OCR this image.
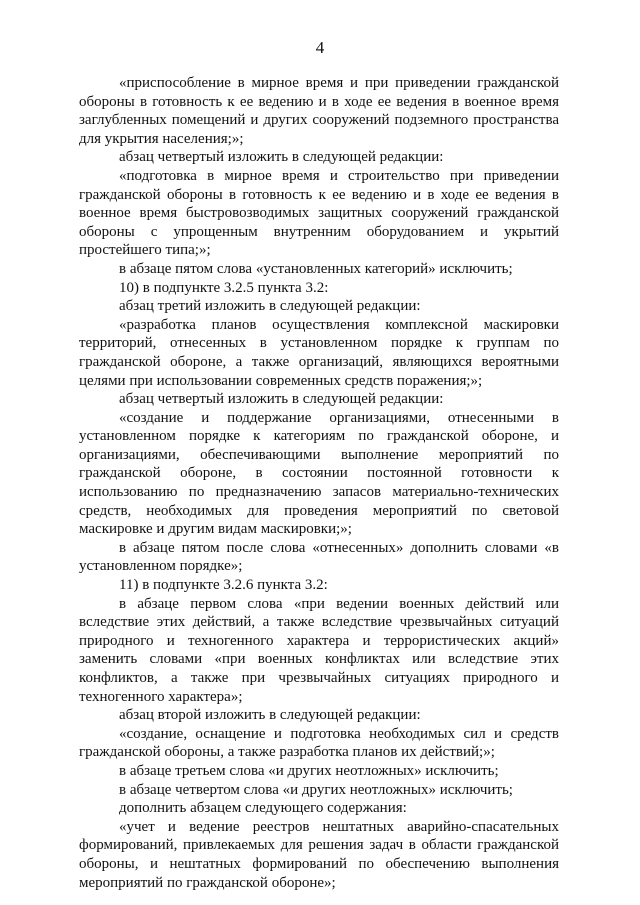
4

«приспособление в мирное время и при приведении гражданской обороны в готовность к ее ведению и в ходе ее ведения в военное время заглубленных помещений и других сооружений подземного пространства для укрытия населения;»;

абзац четвертый изложить в следующей редакции:

«подготовка в мирное время и строительство при приведении гражданской обороны в готовность к ее ведению и в ходе ее ведения в военное время быстровозводимых защитных сооружений гражданской обороны с упрощенным внутренним оборудованием и укрытий простейшего типа;»;

в абзаце пятом слова «установленных категорий» исключить;

10) в подпункте 3.2.5 пункта 3.2:

абзац третий изложить в следующей редакции:

«разработка планов осуществления комплексной маскировки территорий, отнесенных в установленном порядке к группам по гражданской обороне, а также организаций, являющихся вероятными целями при использовании современных средств поражения;»;

абзац четвертый изложить в следующей редакции:

«создание и поддержание организациями, отнесенными в установленном порядке к категориям по гражданской обороне, и организациями, обеспечивающими выполнение мероприятий по гражданской обороне, в состоянии постоянной готовности к использованию по предназначению запасов материально-технических средств, необходимых для проведения мероприятий по световой маскировке и другим видам маскировки;»;

в абзаце пятом после слова «отнесенных» дополнить словами «в установленном порядке»;

11) в подпункте 3.2.6 пункта 3.2:

в абзаце первом слова «при ведении военных действий или вследствие этих действий, а также вследствие чрезвычайных ситуаций природного и техногенного характера и террористических акций» заменить словами «при военных конфликтах или вследствие этих конфликтов, а также при чрезвычайных ситуациях природного и техногенного характера»;

абзац второй изложить в следующей редакции:

«создание, оснащение и подготовка необходимых сил и средств гражданской обороны, а также разработка планов их действий;»;

в абзаце третьем слова «и других неотложных» исключить;

в абзаце четвертом слова «и других неотложных» исключить;

дополнить абзацем следующего содержания:

«учет и ведение реестров нештатных аварийно-спасательных формирований, привлекаемых для решения задач в области гражданской обороны, и нештатных формирований по обеспечению выполнения мероприятий по гражданской обороне»;
